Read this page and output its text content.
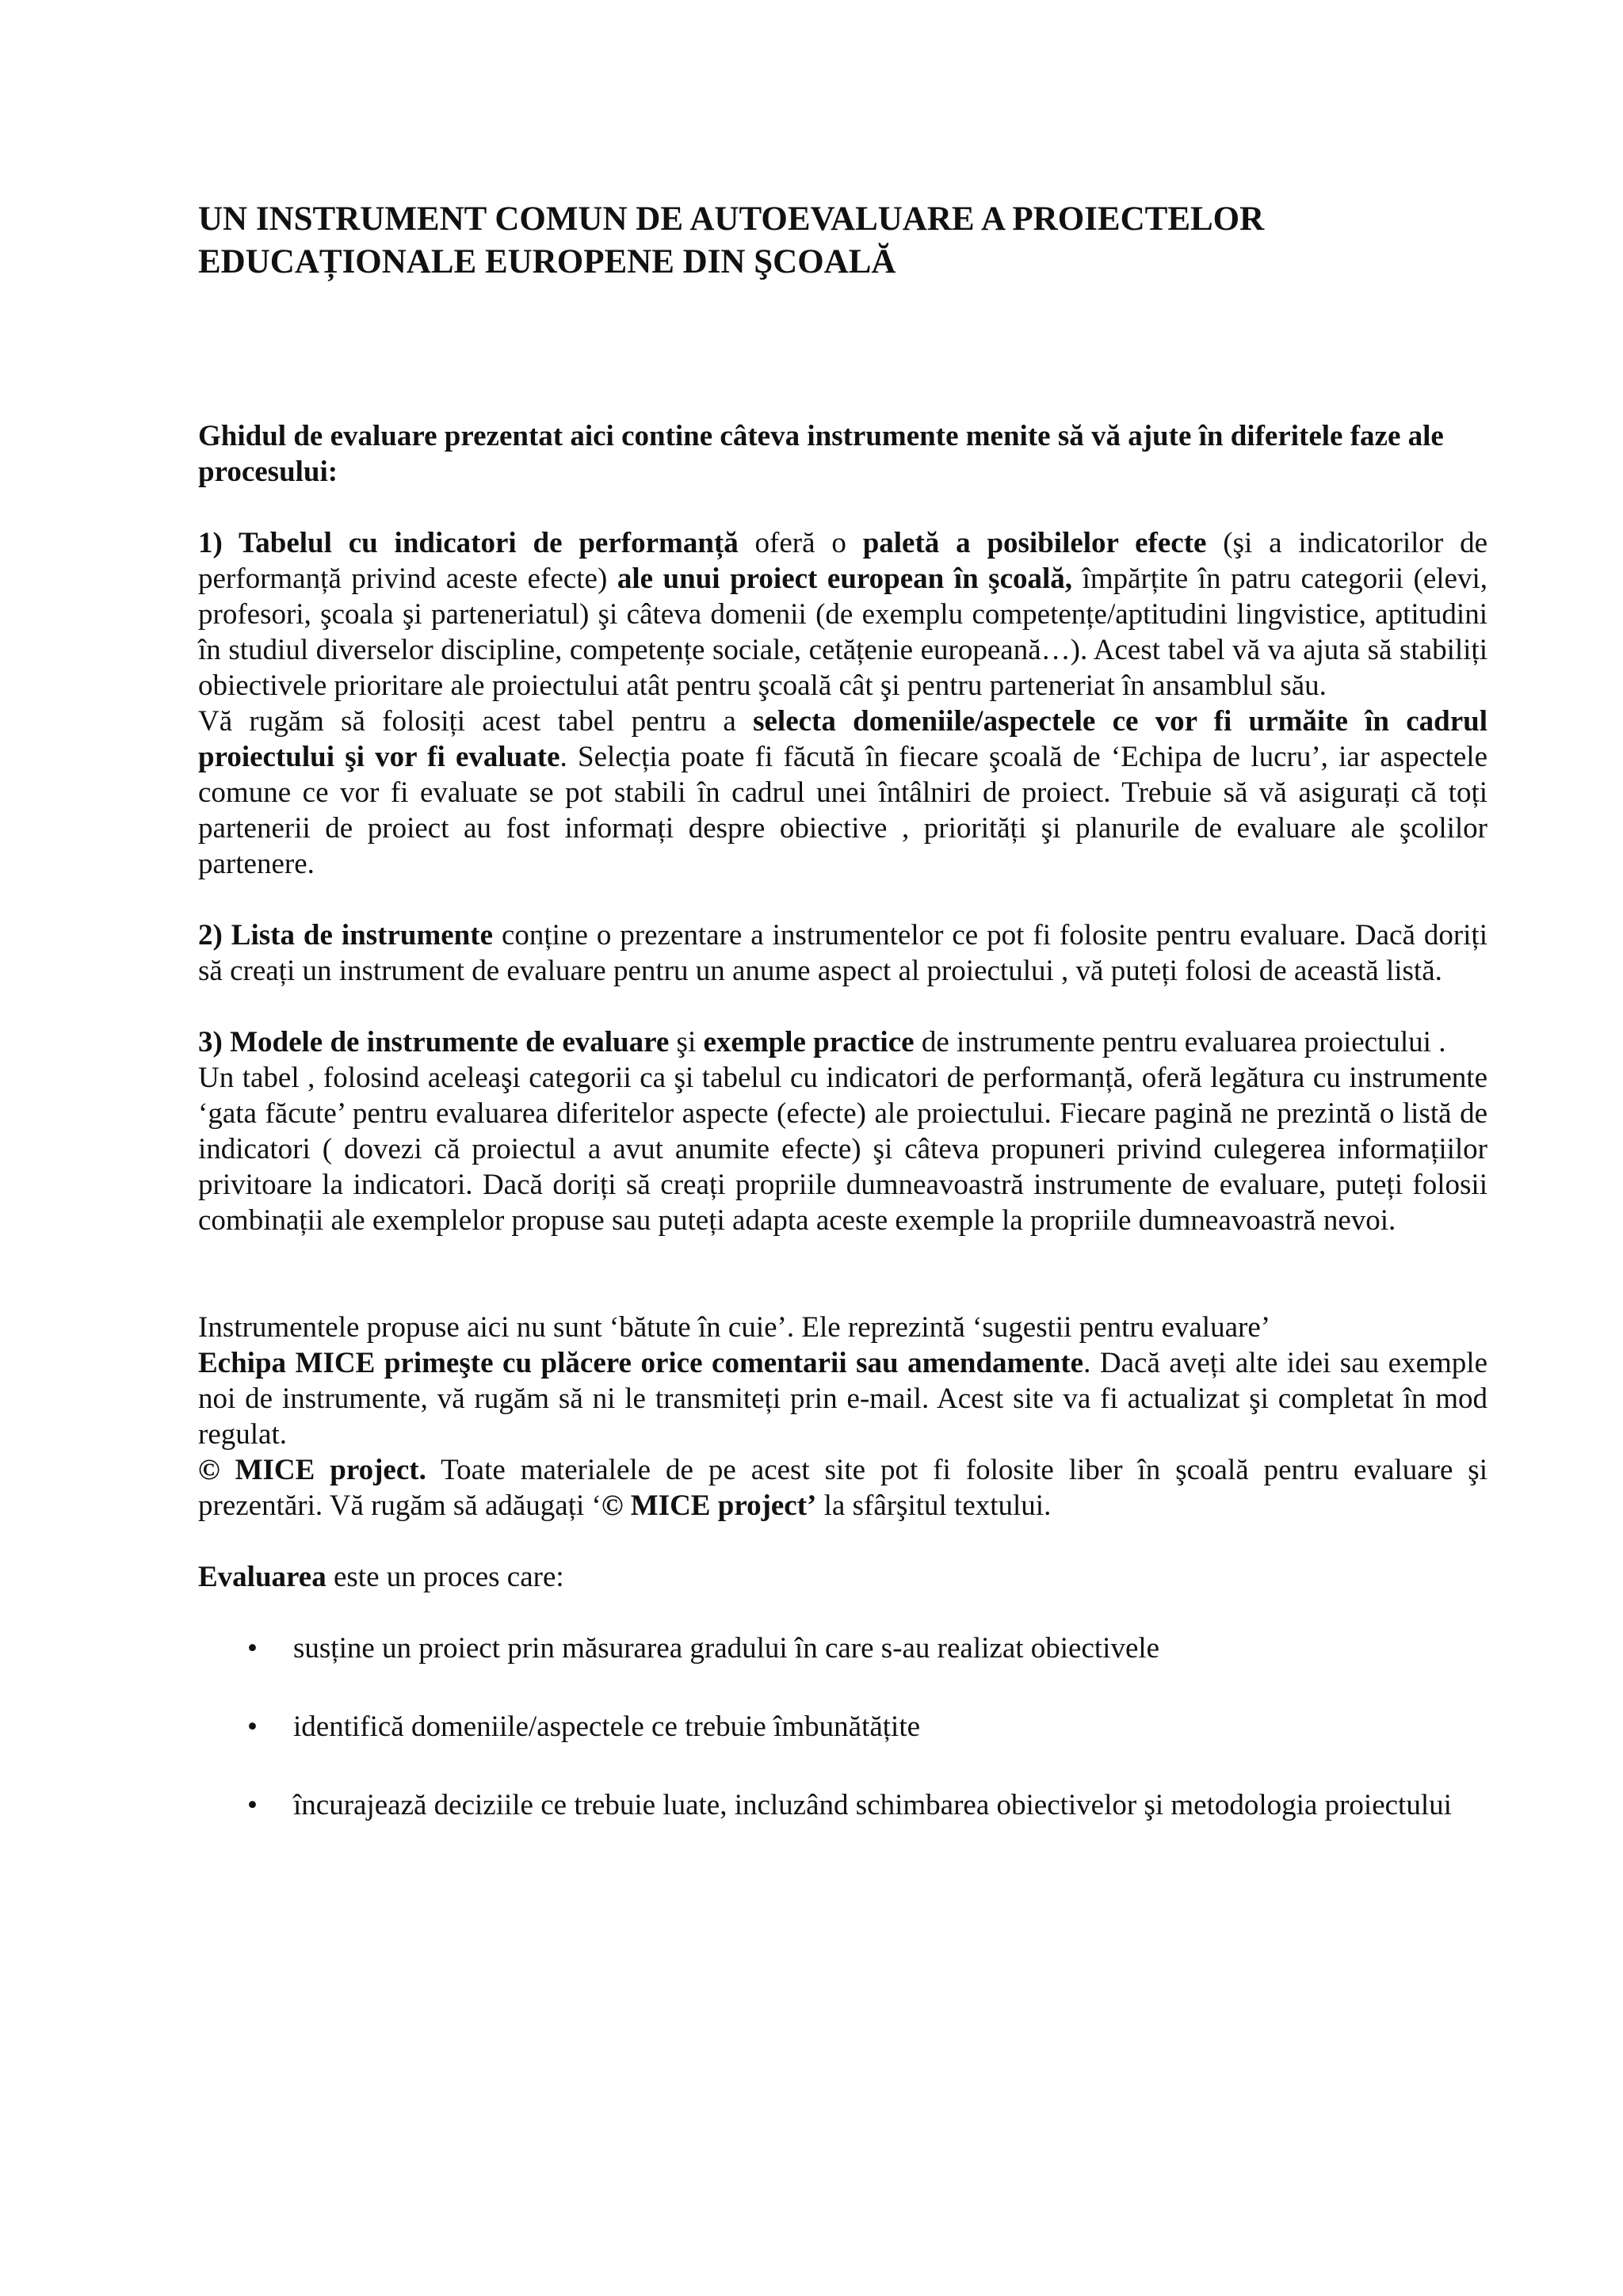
UN INSTRUMENT COMUN DE AUTOEVALUARE A PROIECTELOR
EDUCAȚIONALE EUROPENE DIN ŞCOALĂ

Ghidul de evaluare prezentat aici contine câteva instrumente menite să vă ajute în diferitele faze ale procesului:

1) Tabelul cu indicatori de performanță oferă o paletă a posibilelor efecte (şi a indicatorilor de performanță privind aceste efecte) ale unui proiect european în şcoală, împărțite în patru categorii (elevi, profesori, şcoala şi parteneriatul) şi câteva domenii (de exemplu competențe/aptitudini lingvistice, aptitudini în studiul diverselor discipline, competențe sociale, cetățenie europeană…). Acest tabel vă va ajuta să stabiliți obiectivele prioritare ale proiectului atât pentru şcoală cât şi pentru parteneriat în ansamblul său.

Vă rugăm să folosiți acest tabel pentru a selecta domeniile/aspectele ce vor fi urmăite în cadrul proiectului şi vor fi evaluate. Selecția poate fi făcută în fiecare şcoală de ‘Echipa de lucru’, iar aspectele comune ce vor fi evaluate se pot stabili în cadrul unei întâlniri de proiect. Trebuie să vă asigurați că toți partenerii de proiect au fost informați despre obiective , priorități şi planurile de evaluare ale şcolilor partenere.

2) Lista de instrumente conține o prezentare a instrumentelor ce pot fi folosite pentru evaluare. Dacă doriți să creați un instrument de evaluare pentru un anume aspect al proiectului , vă puteți folosi de această listă.

3) Modele de instrumente de evaluare şi exemple practice de instrumente pentru evaluarea proiectului .

Un tabel , folosind aceleaşi categorii ca şi tabelul cu indicatori de performanță, oferă legătura cu instrumente ‘gata făcute’ pentru evaluarea diferitelor aspecte (efecte) ale proiectului. Fiecare pagină ne prezintă o listă de indicatori ( dovezi că proiectul a avut anumite efecte) şi câteva propuneri privind culegerea informațiilor privitoare la indicatori. Dacă doriți să creați propriile dumneavoastră instrumente de evaluare, puteți folosii combinații ale exemplelor propuse sau puteți adapta aceste exemple la propriile dumneavoastră nevoi.

Instrumentele propuse aici nu sunt ‘bătute în cuie’. Ele reprezintă ‘sugestii pentru evaluare’

Echipa MICE primeşte cu plăcere orice comentarii sau amendamente. Dacă aveți alte idei sau exemple noi de instrumente, vă rugăm să ni le transmiteți prin e-mail. Acest site va fi actualizat şi completat în mod regulat.

© MICE project. Toate materialele de pe acest site pot fi folosite liber în şcoală pentru evaluare şi prezentări. Vă rugăm să adăugați ‘© MICE project’ la sfârşitul textului.

Evaluarea este un proces care:

• susține un proiect prin măsurarea gradului în care s-au realizat obiectivele
• identifică domeniile/aspectele ce trebuie îmbunătățite
• încurajează deciziile ce trebuie luate, incluzând schimbarea obiectivelor şi metodologia proiectului
